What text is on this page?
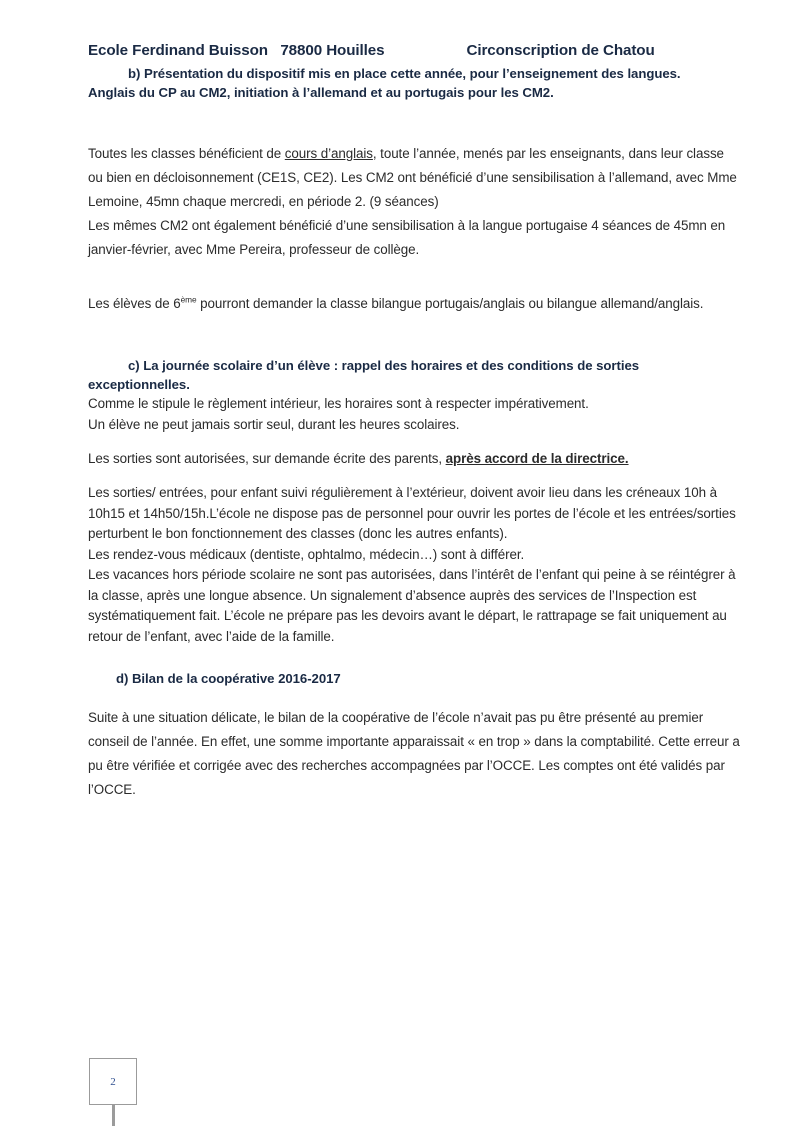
Ecole Ferdinand Buisson   78800 Houilles	Circonscription de Chatou
b) Présentation du dispositif mis en place cette année, pour l’enseignement des langues.
Anglais du CP au CM2, initiation à l’allemand et au portugais pour les CM2.

Toutes les classes bénéficient de cours d’anglais, toute l’année, menés par les enseignants, dans leur classe ou bien en décloisonnement (CE1S, CE2). Les CM2 ont bénéficié d’une sensibilisation à l’allemand, avec Mme Lemoine, 45mn chaque mercredi, en période 2. (9 séances)

Les mêmes CM2 ont également bénéficié d’une sensibilisation à la langue portugaise 4 séances de 45mn en janvier-février, avec Mme Pereira, professeur de collège.

Les élèves de 6ème pourront demander la classe bilangue portugais/anglais ou bilangue allemand/anglais.

c) La journée scolaire d’un élève : rappel des horaires et des conditions de sorties
exceptionnelles.

Comme le stipule le règlement intérieur, les horaires sont à respecter impérativement.

Un élève ne peut jamais sortir seul, durant les heures scolaires.

Les sorties sont autorisées, sur demande écrite des parents, après accord de la directrice.

Les sorties/ entrées, pour enfant suivi régulièrement à l’extérieur, doivent avoir lieu dans les créneaux 10h à 10h15 et 14h50/15h.L’école ne dispose pas de personnel pour ouvrir les portes de l’école et les entrées/sorties perturbent le bon fonctionnement des classes (donc les autres enfants).

Les rendez-vous médicaux (dentiste, ophtalmo, médecin…) sont à différer.

Les vacances hors période scolaire ne sont pas autorisées, dans l’intérêt de l’enfant qui peine à se réintégrer à la classe, après une longue absence. Un signalement d’absence auprès des services de l’Inspection est systématiquement fait. L’école ne prépare pas les devoirs avant le départ, le rattrapage se fait uniquement au retour de l’enfant, avec l’aide de la famille.

d) Bilan de la coopérative 2016-2017

Suite à une situation délicate, le bilan de la coopérative de l’école n’avait pas pu être présenté au premier conseil de l’année. En effet, une somme importante apparaissait « en trop » dans la comptabilité. Cette erreur a pu être vérifiée et corrigée avec des recherches accompagnées par l’OCCE. Les comptes ont été validés par l’OCCE.

2
